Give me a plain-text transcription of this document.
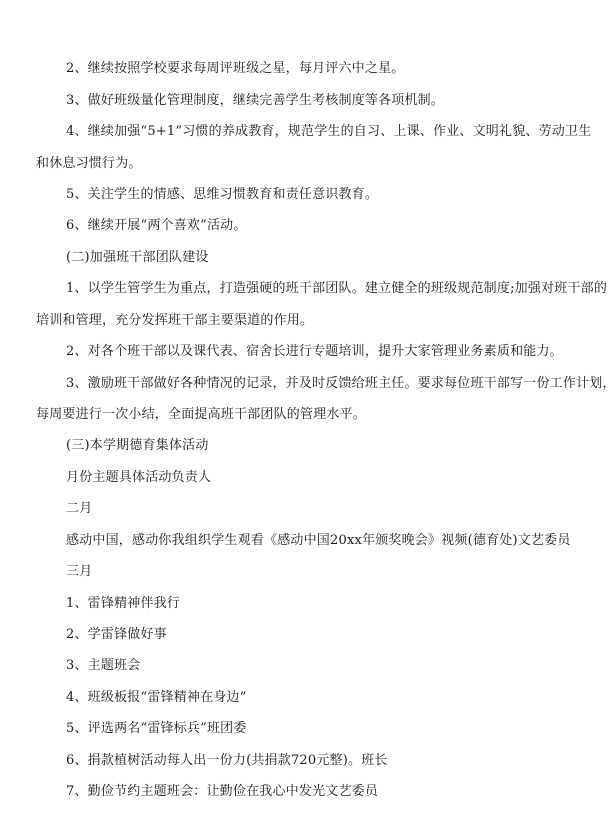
2、继续按照学校要求每周评班级之星，每月评六中之星。
3、做好班级量化管理制度，继续完善学生考核制度等各项机制。
4、继续加强“5+1”习惯的养成教育，规范学生的自习、上课、作业、文明礼貌、劳动卫生
和休息习惯行为。
5、关注学生的情感、思维习惯教育和责任意识教育。
6、继续开展“两个喜欢”活动。
(二)加强班干部团队建设
1、以学生管学生为重点，打造强硬的班干部团队。建立健全的班级规范制度;加强对班干部的
培训和管理，充分发挥班干部主要渠道的作用。
2、对各个班干部以及课代表、宿舍长进行专题培训，提升大家管理业务素质和能力。
3、激励班干部做好各种情况的记录，并及时反馈给班主任。要求每位班干部写一份工作计划，
每周要进行一次小结，全面提高班干部团队的管理水平。
(三)本学期德育集体活动
月份主题具体活动负责人
二月
感动中国，感动你我组织学生观看《感动中国20xx年颁奖晚会》视频(德育处)文艺委员
三月
1、雷锋精神伴我行
2、学雷锋做好事
3、主题班会
4、班级板报“雷锋精神在身边”
5、评选两名“雷锋标兵”班团委
6、捐款植树活动每人出一份力(共捐款720元整)。班长
7、勤俭节约主题班会：让勤俭在我心中发光文艺委员
